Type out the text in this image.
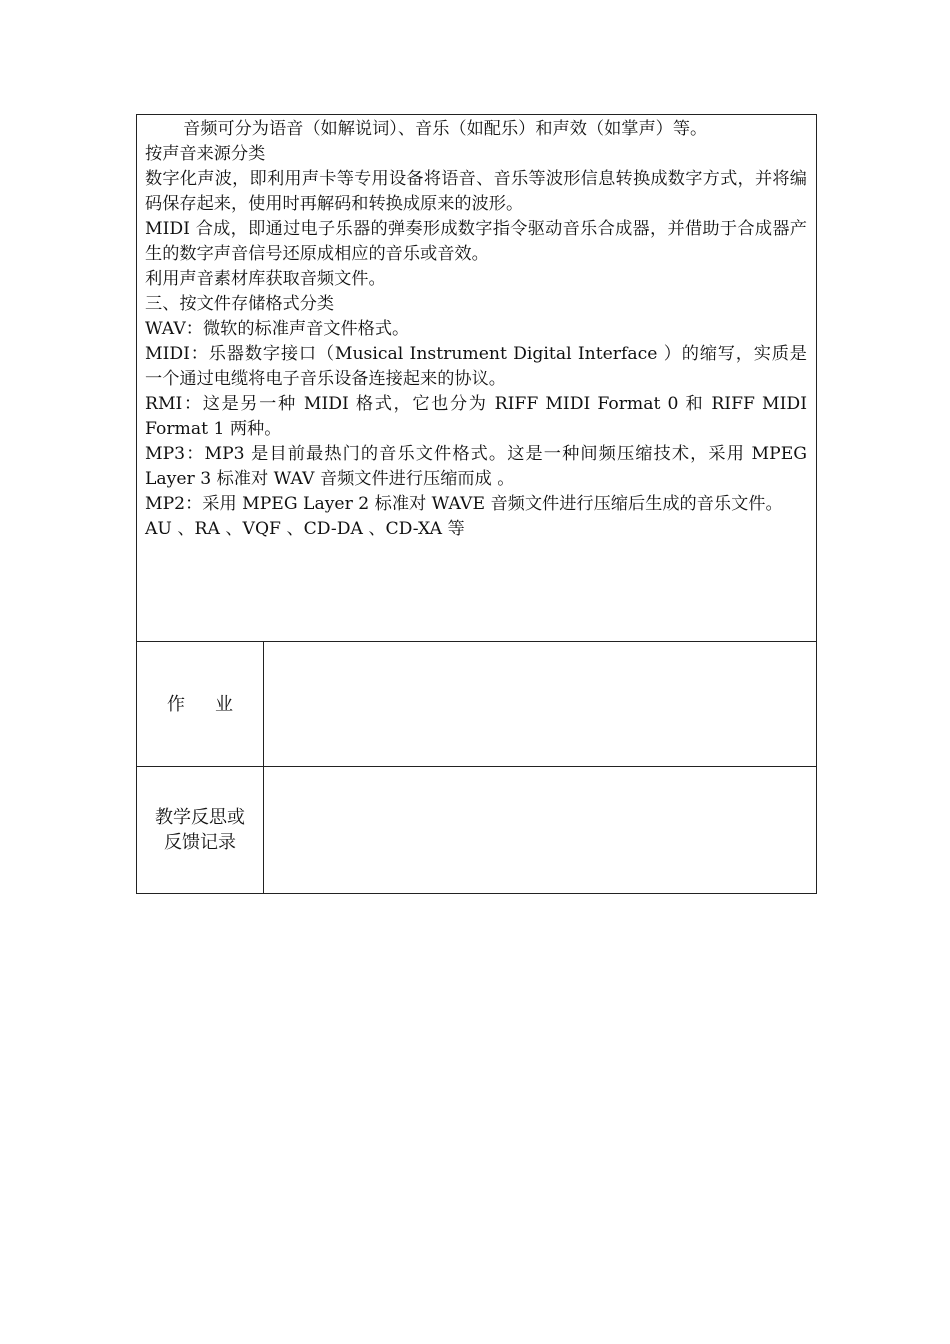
音频可分为语音（如解说词）、音乐（如配乐）和声效（如掌声）等。

按声音来源分类

数字化声波，即利用声卡等专用设备将语音、音乐等波形信息转换成数字方式，并将编码保存起来，使用时再解码和转换成原来的波形。

MIDI 合成，即通过电子乐器的弹奏形成数字指令驱动音乐合成器，并借助于合成器产生的数字声音信号还原成相应的音乐或音效。

利用声音素材库获取音频文件。

三、按文件存储格式分类

WAV：微软的标准声音文件格式。

MIDI：乐器数字接口（Musical Instrument Digital Interface ）的缩写，实质是一个通过电缆将电子音乐设备连接起来的协议。

RMI：这是另一种 MIDI 格式，它也分为 RIFF MIDI Format 0 和 RIFF MIDI Format 1 两种。

MP3：MP3 是目前最热门的音乐文件格式。这是一种间频压缩技术，采用 MPEG Layer 3 标准对 WAV 音频文件进行压缩而成 。

MP2：采用 MPEG Layer 2 标准对 WAVE 音频文件进行压缩后生成的音乐文件。

AU 、RA 、VQF 、CD-DA 、CD-XA 等

作业
教学反思或
反馈记录
